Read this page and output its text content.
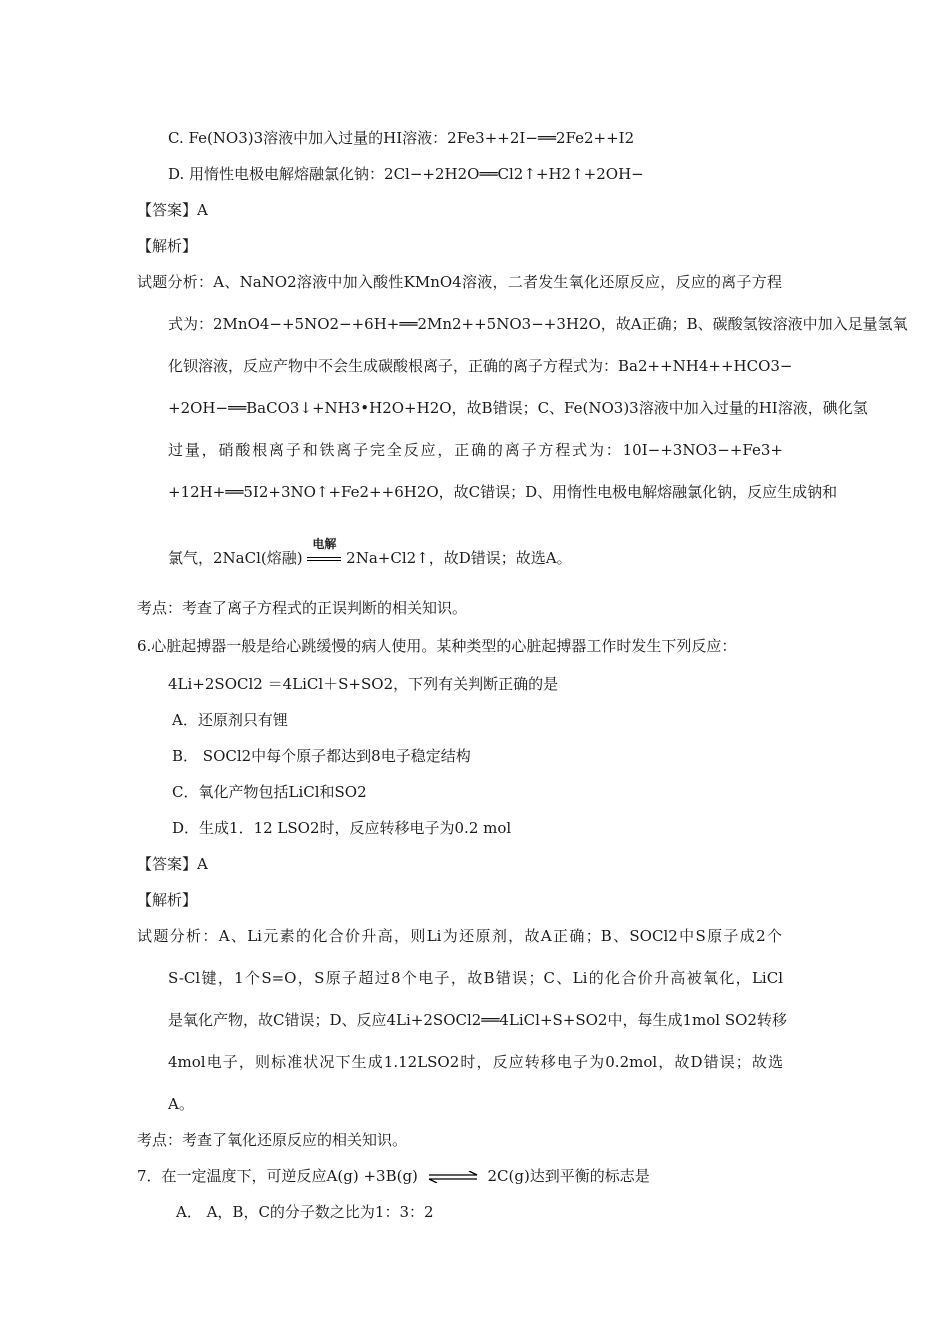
C. Fe(NO3)3溶液中加入过量的HI溶液：2Fe3++2I−══2Fe2++I2
D. 用惰性电极电解熔融氯化钠：2Cl−+2H2O══Cl2↑+H2↑+2OH−
【答案】A
【解析】
试题分析：A、NaNO2溶液中加入酸性KMnO4溶液，二者发生氧化还原反应，反应的离子方程
式为：2MnO4−+5NO2−+6H+══2Mn2++5NO3−+3H2O，故A正确；B、碳酸氢铵溶液中加入足量氢氧
化钡溶液，反应产物中不会生成碳酸根离子，正确的离子方程式为：Ba2++NH4++HCO3−
+2OH−══BaCO3↓+NH3•H2O+H2O，故B错误；C、Fe(NO3)3溶液中加入过量的HI溶液，碘化氢
过量，硝酸根离子和铁离子完全反应，正确的离子方程式为：10I−+3NO3−+Fe3+
+12H+══5I2+3NO↑+Fe2++6H2O，故C错误；D、用惰性电极电解熔融氯化钠，反应生成钠和
氯气，2NaCl(熔融)
电解
2Na+Cl2↑，故D错误；故选A。
考点：考查了离子方程式的正误判断的相关知识。
6.心脏起搏器一般是给心跳缓慢的病人使用。某种类型的心脏起搏器工作时发生下列反应：
4Li+2SOCl2 ＝4LiCl＋S+SO2，下列有关判断正确的是
A．还原剂只有锂
B． SOCl2中每个原子都达到8电子稳定结构
C．氧化产物包括LiCl和SO2
D．生成1．12 LSO2时，反应转移电子为0.2 mol
【答案】A
【解析】
试题分析：A、Li元素的化合价升高，则Li为还原剂，故A正确；B、SOCl2中S原子成2个
S-Cl键，1个S=O，S原子超过8个电子，故B错误；C、Li的化合价升高被氧化，LiCl
是氧化产物，故C错误；D、反应4Li+2SOCl2══4LiCl+S+SO2中，每生成1mol SO2转移
4mol电子，则标准状况下生成1.12LSO2时，反应转移电子为0.2mol，故D错误；故选
A。
考点：考查了氧化还原反应的相关知识。
7．在一定温度下，可逆反应A(g) +3B(g) ⇌ 2C(g)达到平衡的标志是
A． A，B，C的分子数之比为1：3：2
